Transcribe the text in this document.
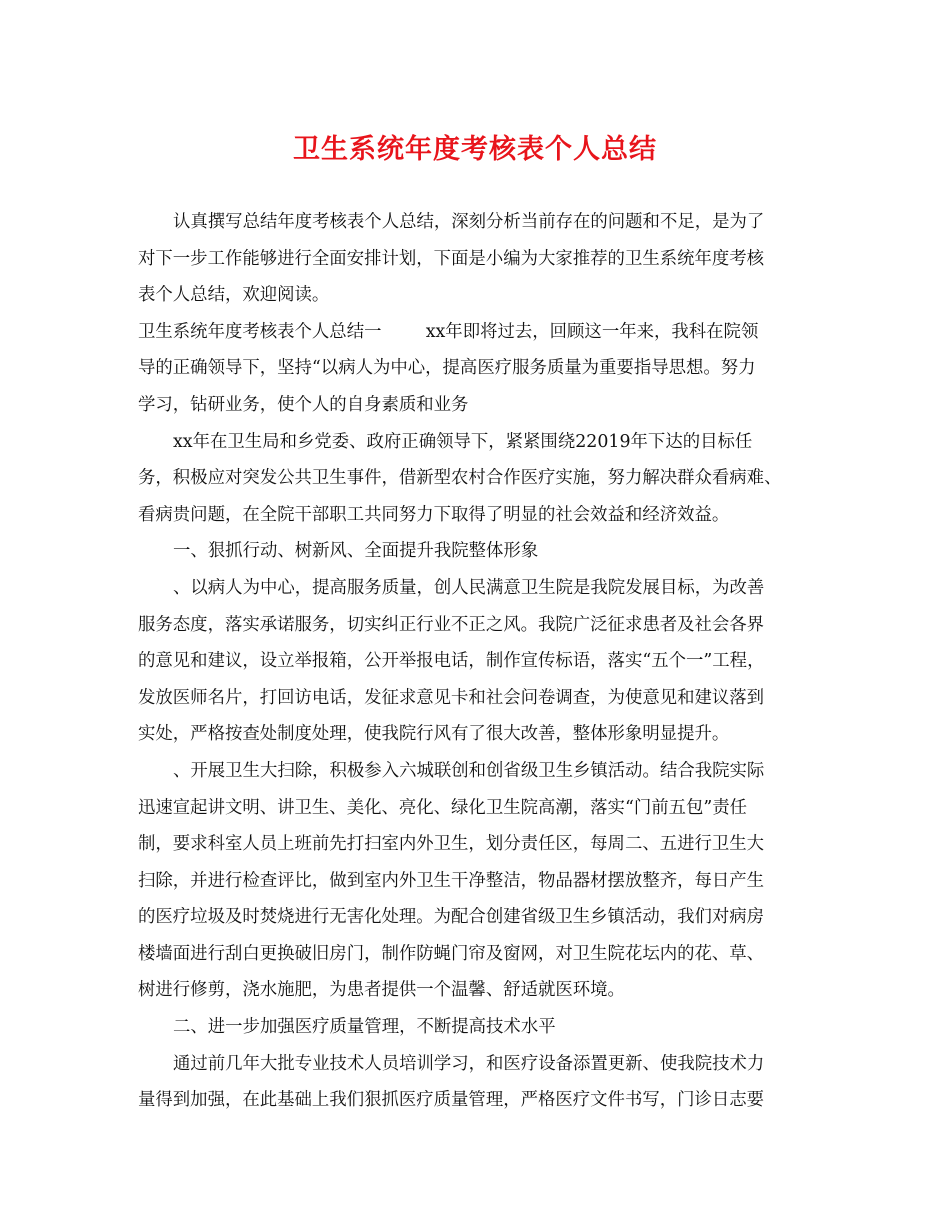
卫生系统年度考核表个人总结
认真撰写总结年度考核表个人总结，深刻分析当前存在的问题和不足，是为了
对下一步工作能够进行全面安排计划，下面是小编为大家推荐的卫生系统年度考核
表个人总结，欢迎阅读。
卫生系统年度考核表个人总结一        xx年即将过去，回顾这一年来，我科在院领
导的正确领导下，坚持“以病人为中心，提高医疗服务质量为重要指导思想。努力
学习，钻研业务，使个人的自身素质和业务
xx年在卫生局和乡党委、政府正确领导下，紧紧围绕22019年下达的目标任
务，积极应对突发公共卫生事件，借新型农村合作医疗实施，努力解决群众看病难、
看病贵问题，在全院干部职工共同努力下取得了明显的社会效益和经济效益。
一、狠抓行动、树新风、全面提升我院整体形象
、以病人为中心，提高服务质量，创人民满意卫生院是我院发展目标，为改善
服务态度，落实承诺服务，切实纠正行业不正之风。我院广泛征求患者及社会各界
的意见和建议，设立举报箱，公开举报电话，制作宣传标语，落实“五个一”工程，
发放医师名片，打回访电话，发征求意见卡和社会问卷调查，为使意见和建议落到
实处，严格按查处制度处理，使我院行风有了很大改善，整体形象明显提升。
、开展卫生大扫除，积极参入六城联创和创省级卫生乡镇活动。结合我院实际
迅速宣起讲文明、讲卫生、美化、亮化、绿化卫生院高潮，落实“门前五包”责任
制，要求科室人员上班前先打扫室内外卫生，划分责任区，每周二、五进行卫生大
扫除，并进行检查评比，做到室内外卫生干净整洁，物品器材摆放整齐，每日产生
的医疗垃圾及时焚烧进行无害化处理。为配合创建省级卫生乡镇活动，我们对病房
楼墙面进行刮白更换破旧房门，制作防蝇门帘及窗网，对卫生院花坛内的花、草、
树进行修剪，浇水施肥，为患者提供一个温馨、舒适就医环境。
二、进一步加强医疗质量管理，不断提高技术水平
通过前几年大批专业技术人员培训学习，和医疗设备添置更新、使我院技术力
量得到加强，在此基础上我们狠抓医疗质量管理，严格医疗文件书写，门诊日志要
